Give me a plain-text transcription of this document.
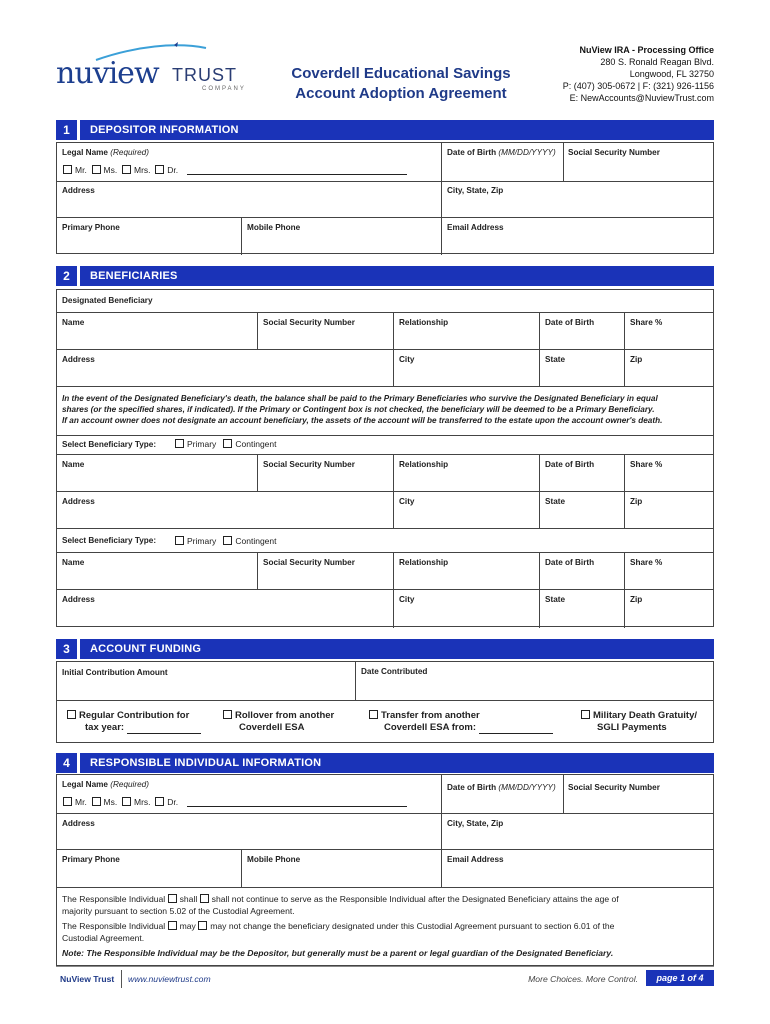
nuview TRUST
COMPANY
Coverdell Educational Savings
Account Adoption Agreement
NuView IRA - Processing Office
280 S. Ronald Reagan Blvd.
Longwood, FL 32750
P: (407) 305-0672 | F: (321) 926-1156
E: NewAccounts@NuviewTrust.com
1	DEPOSITOR INFORMATION
Legal Name (Required)
Mr. Ms. Mrs. Dr.
Date of Birth (MM/DD/YYYY) Social Security Number
Address	City, State, Zip
Primary Phone	Mobile Phone	Email Address
2	BENEFICIARIES
Designated Beneficiary
Name	Social Security Number	Relationship	Date of Birth	Share %
Address	City	State	Zip
In the event of the Designated Beneficiary's death, the balance shall be paid to the Primary Beneficiaries who survive the Designated Beneficiary in equal
shares (or the specified shares, if indicated). If the Primary or Contingent box is not checked, the beneficiary will be deemed to be a Primary Beneficiary.
If an account owner does not designate an account beneficiary, the assets of the account will be transferred to the estate upon the account owner's death.
Select Beneficiary Type:	Primary Contingent
Name	Social Security Number	Relationship	Date of Birth	Share %
Address	City	State	Zip
Select Beneficiary Type:	Primary Contingent
Name	Social Security Number	Relationship	Date of Birth	Share %
Address	City	State	Zip
3	ACCOUNT FUNDING
Initial Contribution Amount	Date Contributed
Regular Contribution for
tax year:
Rollover from another
Coverdell ESA
Transfer from another
Coverdell ESA from:
Military Death Gratuity/
SGLI Payments
4	RESPONSIBLE INDIVIDUAL INFORMATION
Legal Name (Required)
Mr. Ms. Mrs. Dr.
Date of Birth (MM/DD/YYYY) Social Security Number
Address	City, State, Zip
Primary Phone	Mobile Phone	Email Address
The Responsible Individual shall shall not continue to serve as the Responsible Individual after the Designated Beneficiary attains the age of
majority pursuant to section 5.02 of the Custodial Agreement.
The Responsible Individual may may not change the beneficiary designated under this Custodial Agreement pursuant to section 6.01 of the
Custodial Agreement.
Note: The Responsible Individual may be the Depositor, but generally must be a parent or legal guardian of the Designated Beneficiary.
NuView Trust www.nuviewtrust.com	More Choices. More Control.	page 1 of 4
